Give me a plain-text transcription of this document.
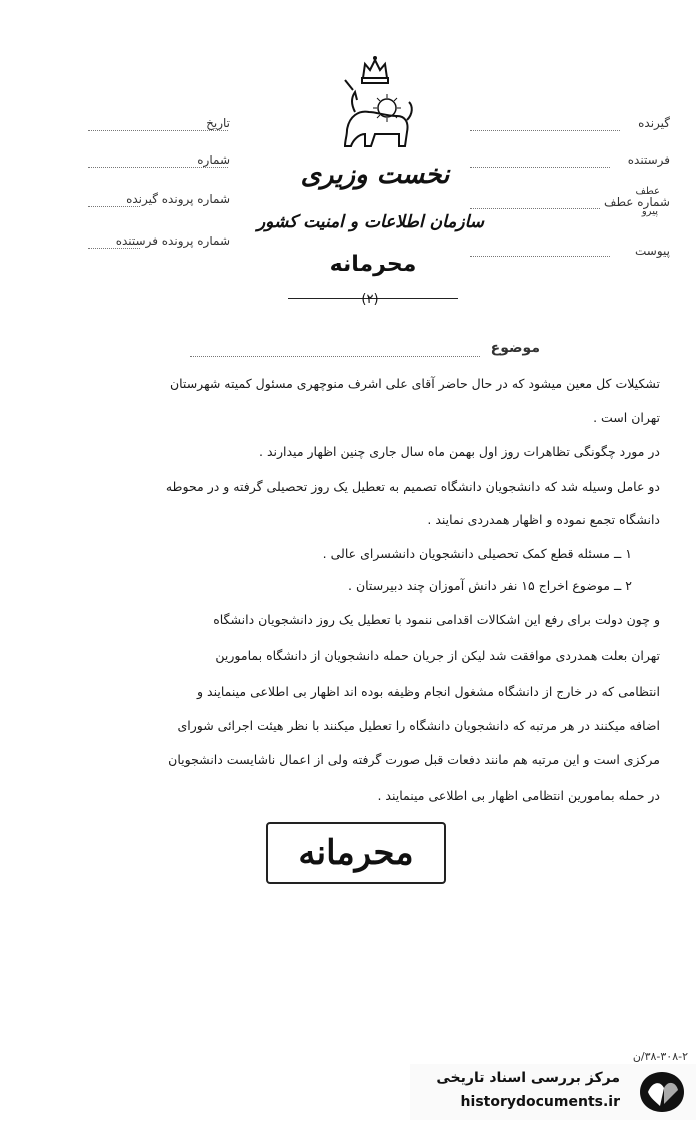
نخست وزیری
سازمان اطلاعات و امنیت کشور
محرمانه
(۲)
تاریخ
شماره
شماره پرونده گیرنده
شماره پرونده فرستنده
گیرنده
فرستنده
شماره عطف
عطف
پیرو
پیوست
موضوع
تشکیلات کل معین میشود که در حال حاضر آقای علی اشرف منوچهری مسئول کمیته شهرستان
تهران است .
در مورد چگونگی تظاهرات روز اول بهمن ماه سال جاری چنین اظهار میدارند .
دو عامل وسیله شد که دانشجویان دانشگاه تصمیم به تعطیل یک روز تحصیلی گرفته و در محوطه
دانشگاه تجمع نموده و اظهار همدردی نمایند .
۱ ــ مسئله قطع کمک تحصیلی دانشجویان دانشسرای عالی .
۲ ــ موضوع اخراج ۱۵ نفر دانش آموزان چند دبیرستان .
و چون دولت برای رفع این اشکالات اقدامی ننمود با تعطیل یک روز دانشجویان دانشگاه
تهران بعلت همدردی موافقت شد لیکن از جریان حمله دانشجویان از دانشگاه بمامورین
انتظامی که در خارج از دانشگاه مشغول انجام وظیفه بوده اند اظهار بی اطلاعی مینمایند و
اضافه میکنند در هر مرتبه که دانشجویان دانشگاه را تعطیل میکنند با نظر هیئت اجرائی شورای
مرکزی است و این مرتبه هم مانند دفعات قبل صورت گرفته ولی از اعمال ناشایست دانشجویان
در حمله بمامورین انتظامی اظهار بی اطلاعی مینمایند .
محرمانه
۳۸-۳۰۸-۲/ن
مرکز بررسی اسناد تاریخی
historydocuments.ir
